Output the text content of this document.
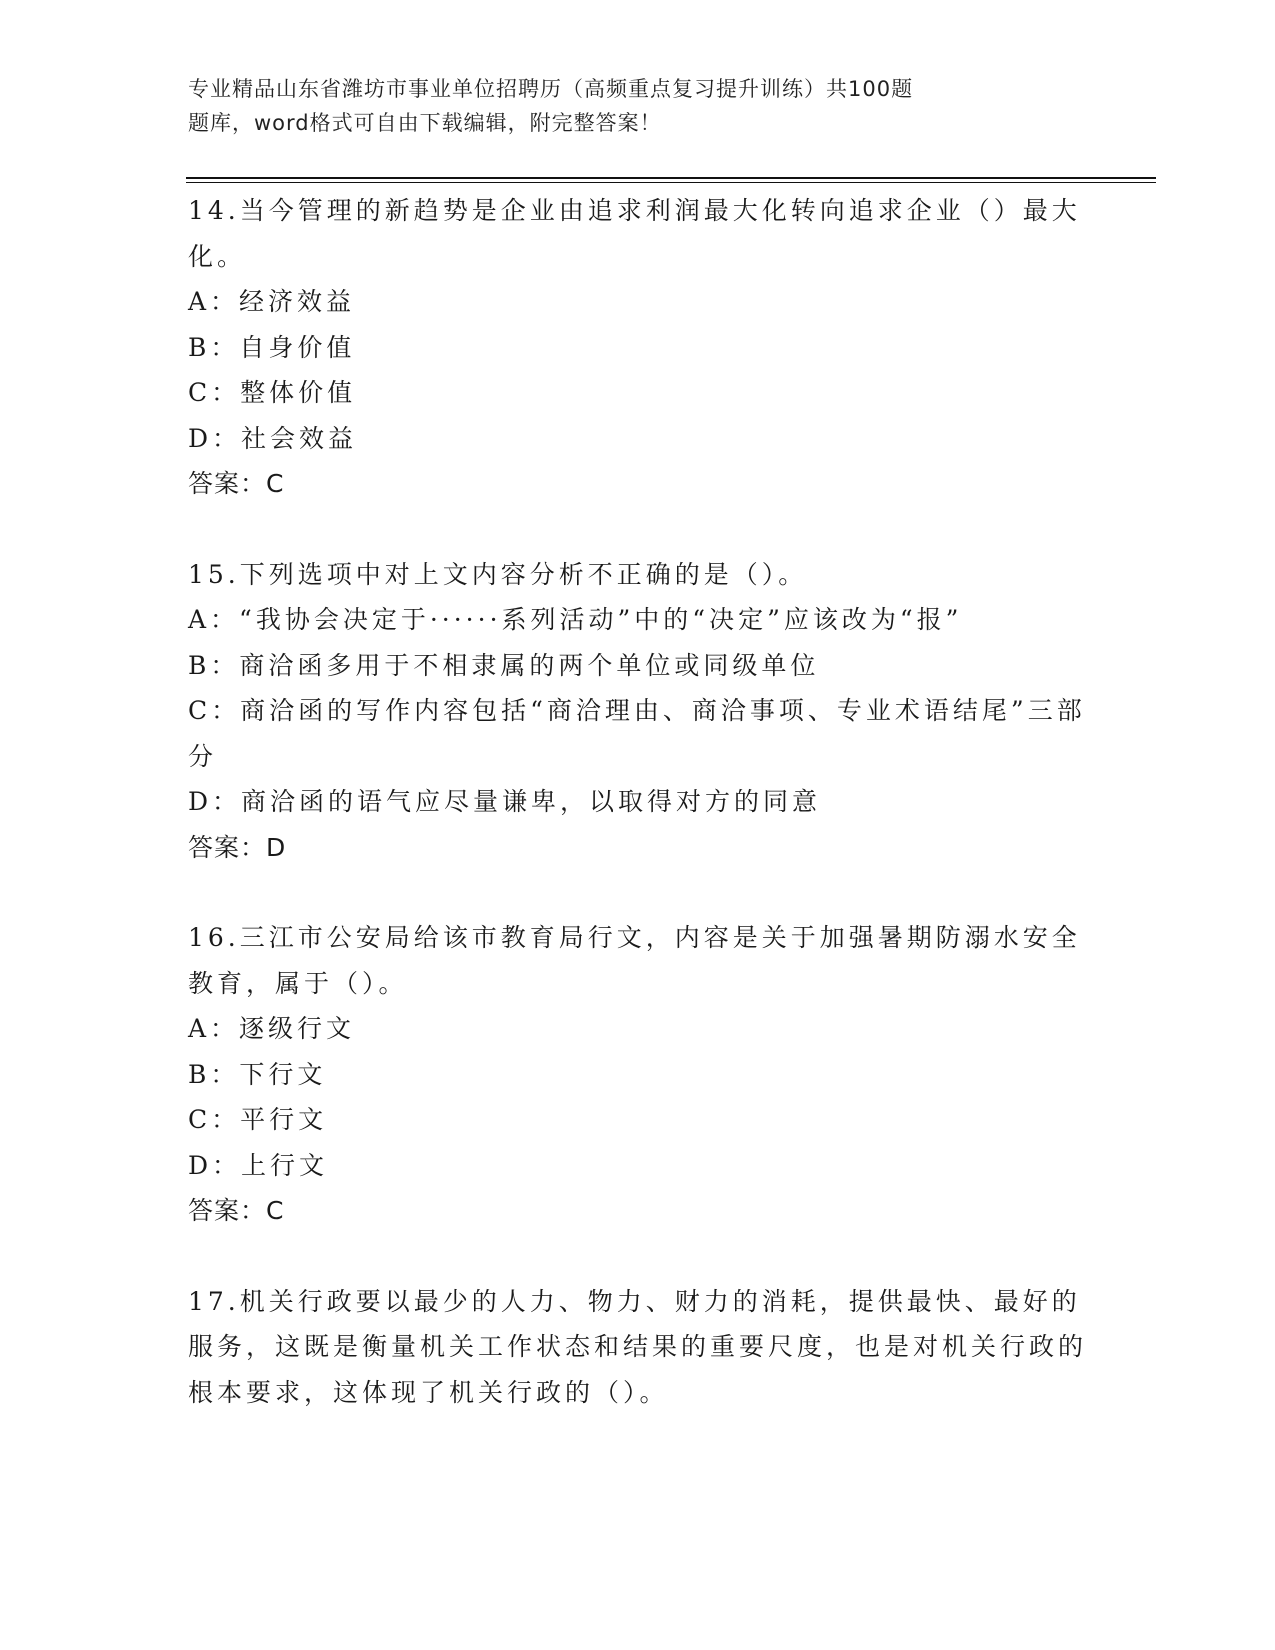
专业精品山东省潍坊市事业单位招聘历（高频重点复习提升训练）共100题
题库，word格式可自由下载编辑，附完整答案！

14.当今管理的新趋势是企业由追求利润最大化转向追求企业（）最大化。

A：经济效益

B：自身价值

C：整体价值

D：社会效益

答案：C

15.下列选项中对上文内容分析不正确的是（）。

A：“我协会决定于······系列活动”中的“决定”应该改为“报”

B：商洽函多用于不相隶属的两个单位或同级单位

C：商洽函的写作内容包括“商洽理由、商洽事项、专业术语结尾”三部分

D：商洽函的语气应尽量谦卑，以取得对方的同意

答案：D

16.三江市公安局给该市教育局行文，内容是关于加强暑期防溺水安全教育，属于（）。

A：逐级行文

B：下行文

C：平行文

D：上行文

答案：C

17.机关行政要以最少的人力、物力、财力的消耗，提供最快、最好的服务，这既是衡量机关工作状态和结果的重要尺度，也是对机关行政的根本要求，这体现了机关行政的（）。
